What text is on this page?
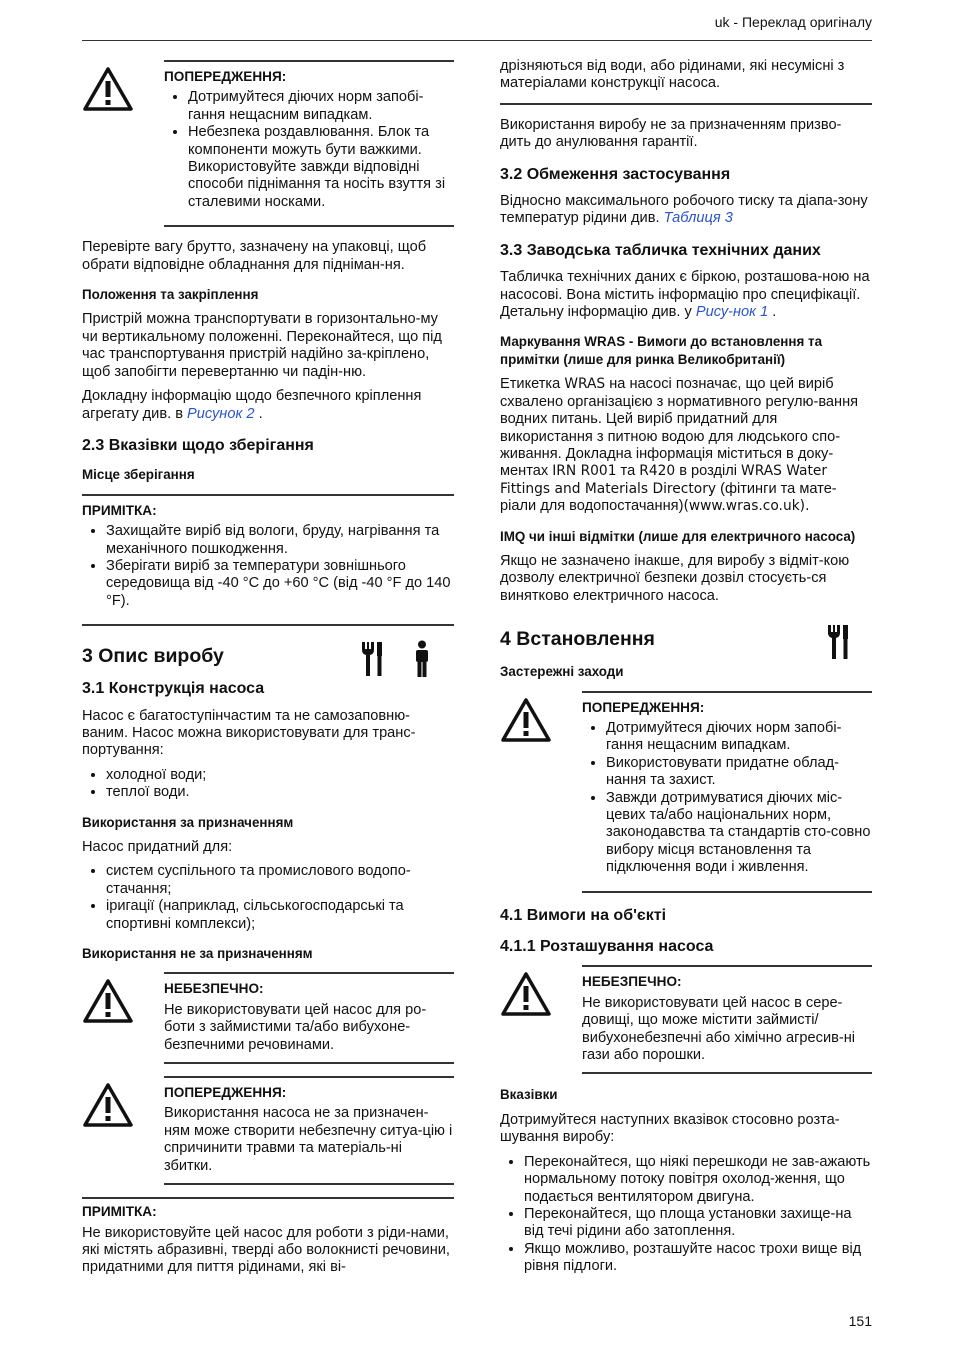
uk - Переклад оригіналу
ПОПЕРЕДЖЕННЯ:
• Дотримуйтеся діючих норм запобі-гання нещасним випадкам.
• Небезпека роздавлювання. Блок та компоненти можуть бути важкими. Використовуйте завжди відповідні способи піднімання та носіть взуття зі сталевими носками.

Перевірте вагу брутто, зазначену на упаковці, щоб обрати відповідне обладнання для піднiман-ня.

Положення та закріплення

Пристрій можна транспортувати в горизонтально-му чи вертикальному положенні. Переконайтеся, що під час транспортування пристрій надійно за-кріплено, щоб запобігти перевертанню чи падін-ню.

Докладну інформацію щодо безпечного кріплення агрегату див. в Рисунок 2 .

2.3 Вказівки щодо зберігання
Місце зберігання
ПРИМІТКА:
• Захищайте виріб від вологи, бруду, нагрівання та механічного пошкодження.
• Зберігати виріб за температури зовнішнього середовища від -40 °C до +60 °C (від -40 °F до 140 °F).
3 Опис виробу
3.1 Конструкція насоса

Насос є багатоступінчастим та не самозаповню-ваним. Насос можна використовувати для транс-портування:

• холодної води;
• теплої води.
Використання за призначенням

Насос придатний для:

• систем суспільного та промислового водопо-стачання;
• іригації (наприклад, сільськогосподарські та спортивні комплекси);
Використання не за призначенням
НЕБЕЗПЕЧНО:

Не використовувати цей насос для ро-боти з займистими та/або вибухоне-безпечними речовинами.

ПОПЕРЕДЖЕННЯ:

Використання насоса не за призначен-ням може створити небезпечну ситуа-цію і спричинити травми та матеріаль-ні збитки.

ПРИМІТКА:

Не використовуйте цей насос для роботи з ріди-нами, які містять абразивні, тверді або волокнисті речовини, придатними для пиття рідинами, які ві-

дрізняються від води, або рідинами, які несумісні з матеріалами конструкції насоса.

Використання виробу не за призначенням призво-дить до анулювання гарантії.

3.2 Обмеження застосування

Відносно максимального робочого тиску та діапа-зону температур рідини див. Таблиця 3

3.3 Заводська табличка технічних даних

Табличка технічних даних є біркою, розташова-ною на насосові. Вона містить інформацію про специфікації. Детальну інформацію див. у Рису-нок 1 .

Маркування WRAS - Вимоги до встановлення та примітки (лише для ринка Великобританії)

Етикетка WRAS на насосі позначає, що цей виріб схвалено організацією з нормативного регулю-вання водних питань. Цей виріб придатний для використання з питною водою для людського спо-живання. Докладна інформація міститься в доку-ментах IRN R001 та R420 в розділі WRAS Water Fittings and Materials Directory (фітинги та мате-ріали для водопостачання)(www.wras.co.uk).

IMQ чи інші відмітки (лише для електричного насоса)

Якщо не зазначено інакше, для виробу з відміт-кою дозволу електричної безпеки дозвіл стосуєть-ся винятково електричного насоса.

4 Встановлення
Застережні заходи
ПОПЕРЕДЖЕННЯ:
• Дотримуйтеся діючих норм запобі-гання нещасним випадкам.
• Використовувати придатне облад-нання та захист.
• Завжди дотримуватися діючих міс-цевих та/або національних норм, законодавства та стандартів сто-совно вибору місця встановлення та підключення води і живлення.
4.1 Вимоги на об'єкті
4.1.1 Розташування насоса
НЕБЕЗПЕЧНО:

Не використовувати цей насос в сере-довищі, що може містити займисті/ вибухонебезпечні або хімічно агресив-ні гази або порошки.

Вказівки

Дотримуйтеся наступних вказівок стосовно розта-шування виробу:

• Переконайтеся, що ніякі перешкоди не зав-ажають нормальному потоку повітря охолод-ження, що подається вентилятором двигуна.
• Переконайтеся, що площа установки захище-на від течі рідини або затоплення.
• Якщо можливо, розташуйте насос трохи вище від рівня підлоги.
151
